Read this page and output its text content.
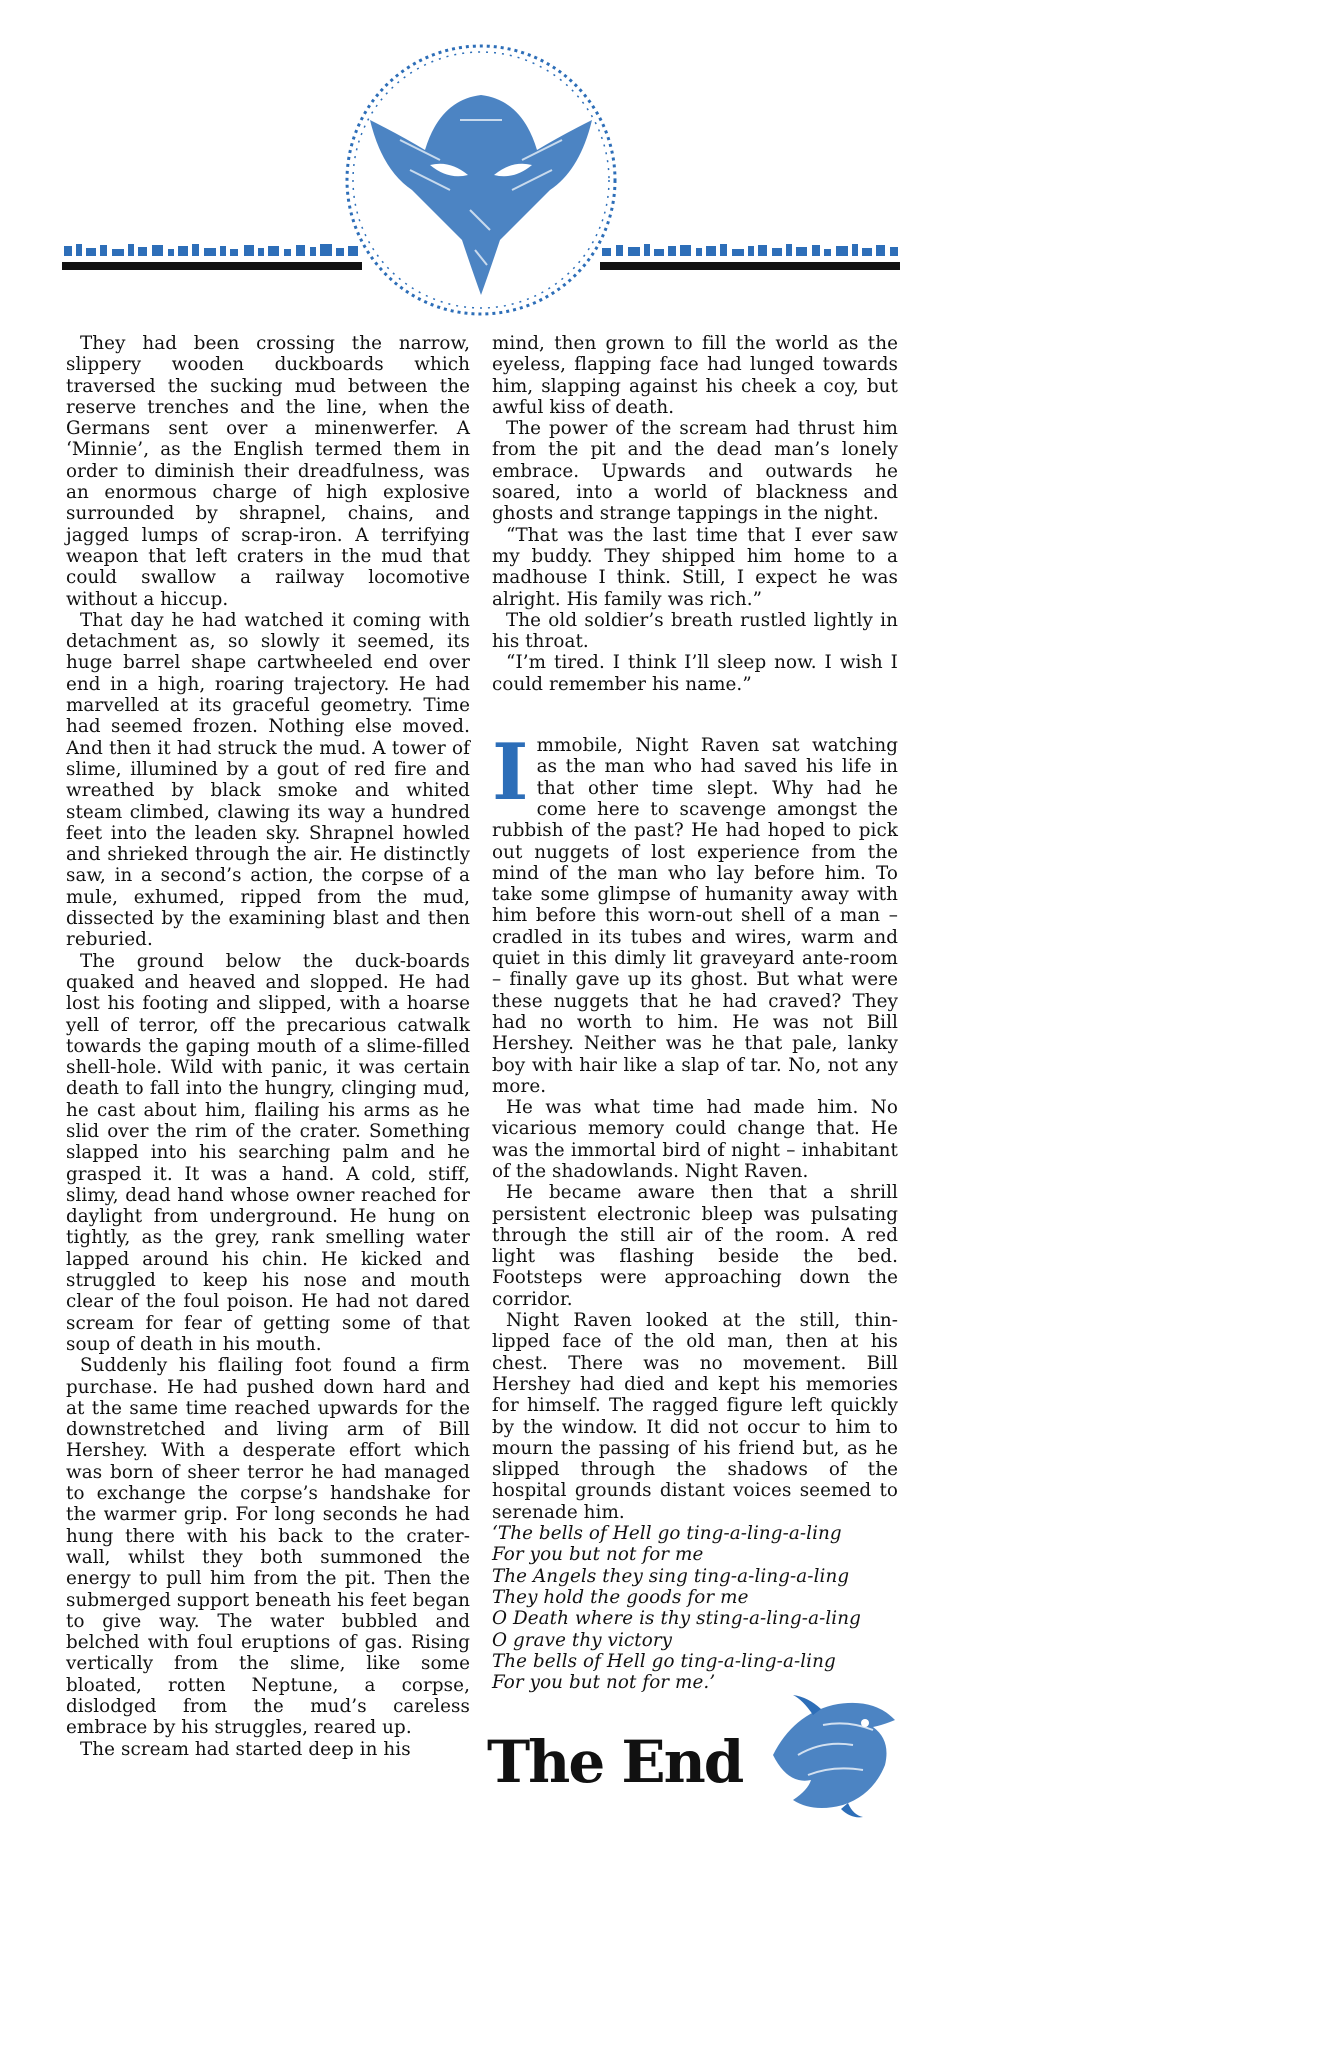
They had been crossing the narrow, slippery wooden duckboards which traversed the sucking mud between the reserve trenches and the line, when the Germans sent over a minenwerfer. A ‘Minnie’, as the English termed them in order to diminish their dreadfulness, was an enormous charge of high explosive surrounded by shrapnel, chains, and jagged lumps of scrap-iron. A terrifying weapon that left craters in the mud that could swallow a railway locomotive without a hiccup.

That day he had watched it coming with detachment as, so slowly it seemed, its huge barrel shape cartwheeled end over end in a high, roaring trajectory. He had marvelled at its graceful geometry. Time had seemed frozen. Nothing else moved. And then it had struck the mud. A tower of slime, illumined by a gout of red fire and wreathed by black smoke and whited steam climbed, clawing its way a hundred feet into the leaden sky. Shrapnel howled and shrieked through the air. He distinctly saw, in a second’s action, the corpse of a mule, exhumed, ripped from the mud, dissected by the examining blast and then reburied.

The ground below the duck-boards quaked and heaved and slopped. He had lost his footing and slipped, with a hoarse yell of terror, off the precarious catwalk towards the gaping mouth of a slime-filled shell-hole. Wild with panic, it was certain death to fall into the hungry, clinging mud, he cast about him, flailing his arms as he slid over the rim of the crater. Something slapped into his searching palm and he grasped it. It was a hand. A cold, stiff, slimy, dead hand whose owner reached for daylight from underground. He hung on tightly, as the grey, rank smelling water lapped around his chin. He kicked and struggled to keep his nose and mouth clear of the foul poison. He had not dared scream for fear of getting some of that soup of death in his mouth.

Suddenly his flailing foot found a firm purchase. He had pushed down hard and at the same time reached upwards for the downstretched and living arm of Bill Hershey. With a desperate effort which was born of sheer terror he had managed to exchange the corpse’s handshake for the warmer grip. For long seconds he had hung there with his back to the crater-wall, whilst they both summoned the energy to pull him from the pit. Then the submerged support beneath his feet began to give way. The water bubbled and belched with foul eruptions of gas. Rising vertically from the slime, like some bloated, rotten Neptune, a corpse, dislodged from the mud’s careless embrace by his struggles, reared up.

The scream had started deep in his

mind, then grown to fill the world as the eyeless, flapping face had lunged towards him, slapping against his cheek a coy, but awful kiss of death.

The power of the scream had thrust him from the pit and the dead man’s lonely embrace. Upwards and outwards he soared, into a world of blackness and ghosts and strange tappings in the night.

“That was the last time that I ever saw my buddy. They shipped him home to a madhouse I think. Still, I expect he was alright. His family was rich.”

The old soldier’s breath rustled lightly in his throat.

“I’m tired. I think I’ll sleep now. I wish I could remember his name.”

Immobile, Night Raven sat watching as the man who had saved his life in that other time slept. Why had he come here to scavenge amongst the rubbish of the past? He had hoped to pick out nuggets of lost experience from the mind of the man who lay before him. To take some glimpse of humanity away with him before this worn-out shell of a man – cradled in its tubes and wires, warm and quiet in this dimly lit graveyard ante-room – finally gave up its ghost. But what were these nuggets that he had craved? They had no worth to him. He was not Bill Hershey. Neither was he that pale, lanky boy with hair like a slap of tar. No, not any more.

He was what time had made him. No vicarious memory could change that. He was the immortal bird of night – inhabitant of the shadowlands. Night Raven.

He became aware then that a shrill persistent electronic bleep was pulsating through the still air of the room. A red light was flashing beside the bed. Footsteps were approaching down the corridor.

Night Raven looked at the still, thin-lipped face of the old man, then at his chest. There was no movement. Bill Hershey had died and kept his memories for himself. The ragged figure left quickly by the window. It did not occur to him to mourn the passing of his friend but, as he slipped through the shadows of the hospital grounds distant voices seemed to serenade him.

‘The bells of Hell go ting-a-ling-a-ling
For you but not for me
The Angels they sing ting-a-ling-a-ling
They hold the goods for me
O Death where is thy sting-a-ling-a-ling
O grave thy victory
The bells of Hell go ting-a-ling-a-ling
For you but not for me.’
The End
